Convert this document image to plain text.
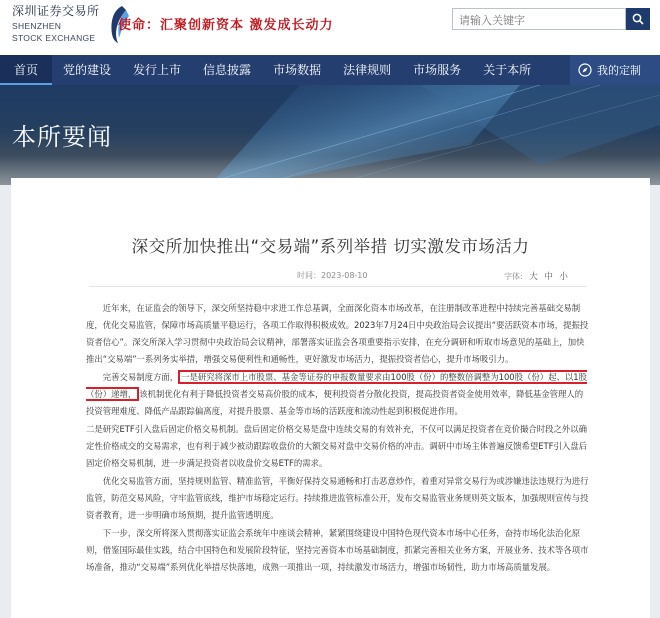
深圳证券交易所
SHENZHEN
STOCK EXCHANGE
使命：汇聚创新资本 激发成长动力
请输入关键字
首页	党的建设	发行上市	信息披露	市场数据	法律规则	市场服务	关于本所	我的定制
本所要闻
深交所加快推出“交易端”系列举措 切实激发市场活力
时间：2023-08-10	字体: 大 中 小

近年来，在证监会的领导下，深交所坚持稳中求进工作总基调，全面深化资本市场改革，在注册制改革进程中持续完善基础交易制度，优化交易监管，保障市场高质量平稳运行，各项工作取得积极成效。2023年7月24日中央政治局会议提出“要活跃资本市场，提振投资者信心”。深交所深入学习贯彻中央政治局会议精神，部署落实证监会各项重要指示安排，在充分调研和听取市场意见的基础上，加快推出“交易端”一系列务实举措，增强交易便利性和通畅性，更好激发市场活力，提振投资者信心，提升市场吸引力。

完善交易制度方面， 一是研究将深市上市股票、基金等证券的申报数量要求由100股（份）的整数倍调整为100股（份）起、以1股（份）递增， 该机制优化有利于降低投资者交易高价股的成本，便利投资者分散化投资，提高投资者资金使用效率，降低基金管理人的投资管理难度、降低产品跟踪偏离度，对提升股票、基金等市场的活跃度和流动性起到积极促进作用。

二是研究ETF引入盘后固定价格交易机制。盘后固定价格交易是盘中连续交易的有效补充，不仅可以满足投资者在竞价撮合时段之外以确定性价格成交的交易需求，也有利于减少被动跟踪收盘价的大额交易对盘中交易价格的冲击。调研中市场主体普遍反馈希望ETF引入盘后固定价格交易机制，进一步满足投资者以收盘价交易ETF的需求。

优化交易监管方面，坚持规则监管、精准监管，平衡好保持交易通畅和打击恶意炒作，着重对异常交易行为或涉嫌违法违规行为进行监管，防范交易风险，守牢监管底线，维护市场稳定运行。持续推进监管标准公开，发布交易监管业务规则英文版本，加强规则宣传与投资者教育，进一步明确市场预期，提升监管透明度。

下一步，深交所将深入贯彻落实证监会系统年中座谈会精神，紧紧围绕建设中国特色现代资本市场中心任务，奋持市场化法治化原则，借鉴国际最佳实践，结合中国特色和发展阶段特征，坚持完善资本市场基础制度，抓紧完善相关业务方案，开展业务、技术等各项市场准备，推动“交易端”系列优化举措尽快落地，成熟一项推出一项，持续激发市场活力，增强市场韧性，助力市场高质量发展。
